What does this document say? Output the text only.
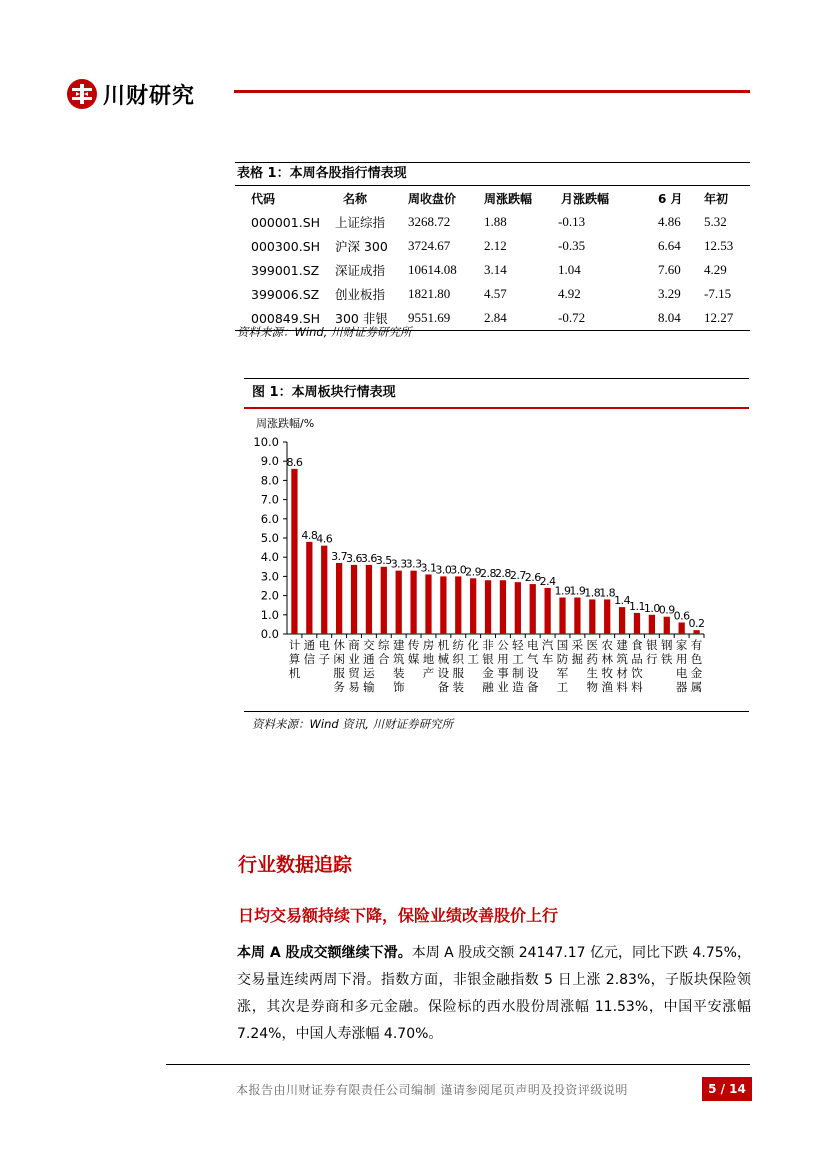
川财研究
表格 1：本周各股指行情表现
代码	名称	周收盘价	周涨跌幅	月涨跌幅	6 月	年初
000001.SH	上证综指	3268.72	1.88	-0.13	4.86	5.32
000300.SH	沪深 300	3724.67	2.12	-0.35	6.64	12.53
399001.SZ	深证成指	10614.08	3.14	1.04	7.60	4.29
399006.SZ	创业板指	1821.80	4.57	4.92	3.29	-7.15
000849.SH	300 非银	9551.69	2.84	-0.72	8.04	12.27
资料来源：Wind, 川财证券研究所
图 1：本周板块行情表现
周涨跌幅/%
0.0
1.0
2.0
3.0
4.0
5.0
6.0
7.0
8.0
9.0
10.0
8.6
计
算
机
4.8
通
信
4.6
电
子
3.7
休
闲
服
务
3.6
商
业
贸
易
3.6
交
通
运
输
3.5
综
合
3.3
建
筑
装
饰
3.3
传
媒
3.1
房
地
产
3.0
机
械
设
备
3.0
纺
织
服
装
2.9
化
工
2.8
非
银
金
融
2.8
公
用
事
业
2.7
轻
工
制
造
2.6
电
气
设
备
2.4
汽
车
1.9
国
防
军
工
1.9
采
掘
1.8
医
药
生
物
1.8
农
林
牧
渔
1.4
建
筑
材
料
1.1
食
品
饮
料
1.0
银
行
0.9
钢
铁
0.6
家
用
电
器
0.2
有
色
金
属
资料来源：Wind 资讯, 川财证券研究所
行业数据追踪
日均交易额持续下降，保险业绩改善股价上行
本周 A 股成交额继续下滑。本周 A 股成交额 24147.17 亿元，同比下跌 4.75%，交易量连续两周下滑。指数方面，非银金融指数 5 日上涨 2.83%，子版块保险领涨，其次是券商和多元金融。保险标的西水股份周涨幅 11.53%，中国平安涨幅 7.24%，中国人寿涨幅 4.70%。
本报告由川财证券有限责任公司编制 谨请参阅尾页声明及投资评级说明	5 / 14
